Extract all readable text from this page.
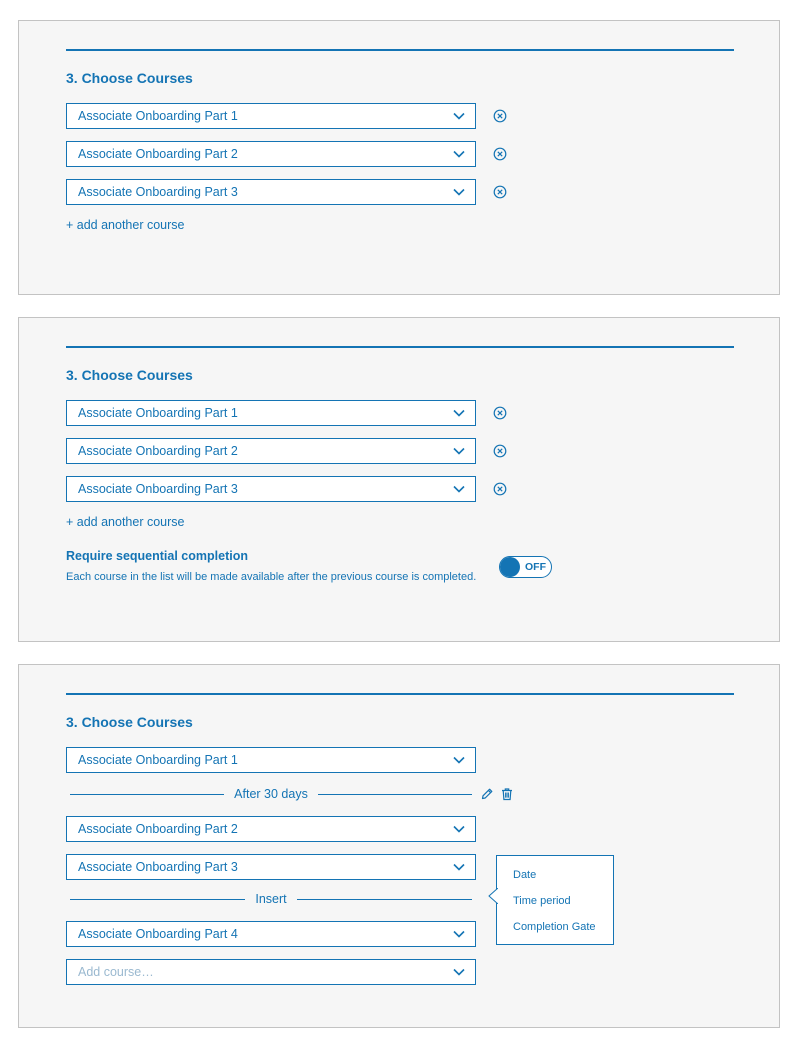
3. Choose Courses
Associate Onboarding Part 1
Associate Onboarding Part 2
Associate Onboarding Part 3
+ add another course
3. Choose Courses
Associate Onboarding Part 1
Associate Onboarding Part 2
Associate Onboarding Part 3
+ add another course
Require sequential completion
Each course in the list will be made available after the previous course is completed.
OFF
3. Choose Courses
Associate Onboarding Part 1
After 30 days
Associate Onboarding Part 2
Associate Onboarding Part 3
Insert
Associate Onboarding Part 4
Add course…
Date
Time period
Completion Gate
